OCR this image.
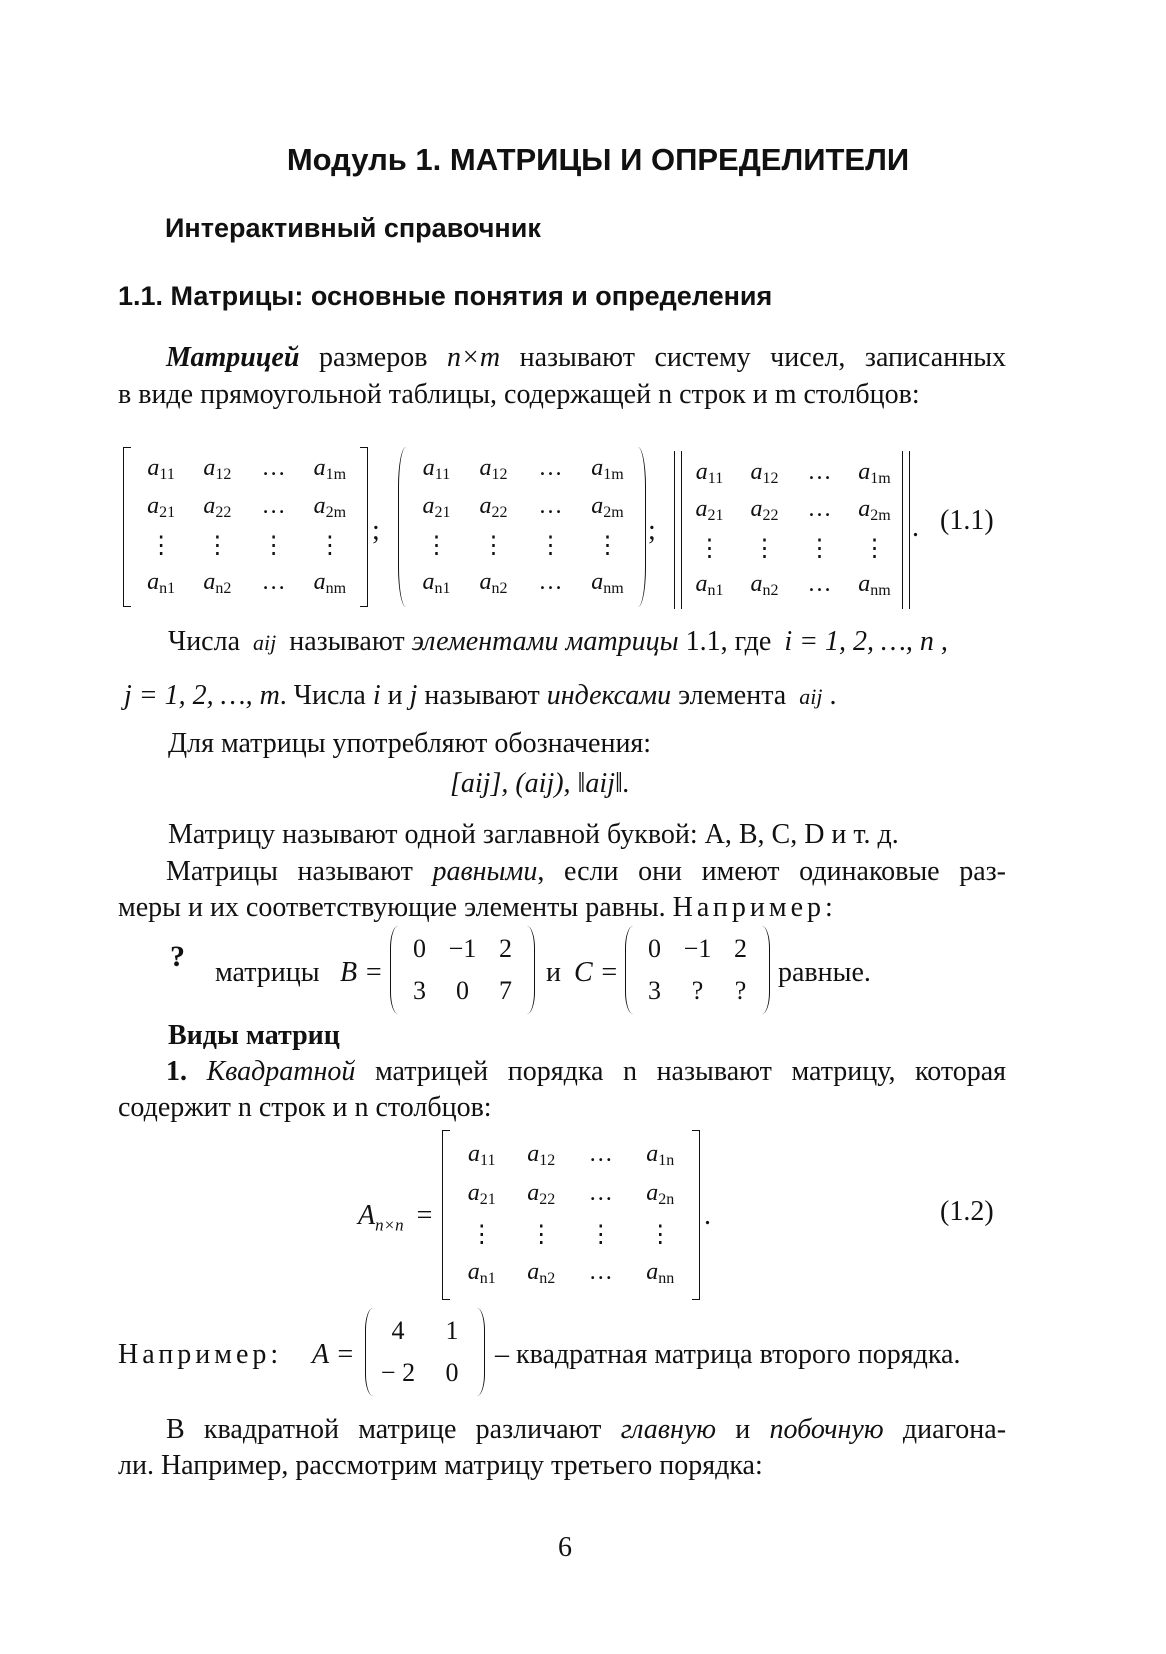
Модуль 1. МАТРИЦЫ И ОПРЕДЕЛИТЕЛИ
Интерактивный справочник
1.1. Матрицы: основные понятия и определения
Матрицей размеров n×m называют систему чисел, записанных
в виде прямоугольной таблицы, содержащей n строк и m столбцов:
$a_{11}$	$a_{12}$	…	$a_{1m}$
$a_{21}$	$a_{22}$	…	$a_{2m}$
⋮	⋮	⋮	⋮
$a_{n1}$	$a_{n2}$	…	$a_{nm}$
;
$a_{11}$	$a_{12}$	…	$a_{1m}$
$a_{21}$	$a_{22}$	…	$a_{2m}$
⋮	⋮	⋮	⋮
$a_{n1}$	$a_{n2}$	…	$a_{nm}$
;
$a_{11}$	$a_{12}$	…	$a_{1m}$
$a_{21}$	$a_{22}$	…	$a_{2m}$
⋮	⋮	⋮	⋮
$a_{n1}$	$a_{n2}$	…	$a_{nm}$
. (1.1)
Числа aij называют элементами матрицы 1.1, где i = 1, 2, …, n ,
j = 1, 2, …, m. Числа i и j называют индексами элемента aij .
Для матрицы употребляют обозначения:
[aij], (aij), ‖aij‖.
Матрицу называют одной заглавной буквой: A, B, C, D и т. д.
Матрицы называют равными, если они имеют одинаковые раз-
меры и их соответствующие элементы равны. Например:
? матрицы B =
0 −1 2
3	0	7
и C =
0 −1 2
3	?	?
равные.
Виды матриц
1. Квадратной матрицей порядка n называют матрицу, которая
содержит n строк и n столбцов:
$A_{n\times n}$ =
$a_{11}$	$a_{12}$	…	$a_{1n}$
$a_{21}$	$a_{22}$	…	$a_{2n}$
⋮	⋮	⋮	⋮
$a_{n1}$	$a_{n2}$	…	$a_{nn}$
.	(1.2)
Например: A =
4	1
− 2	0
– квадратная матрица второго порядка.
В квадратной матрице различают главную и побочную диагона-
ли. Например, рассмотрим матрицу третьего порядка:
6
